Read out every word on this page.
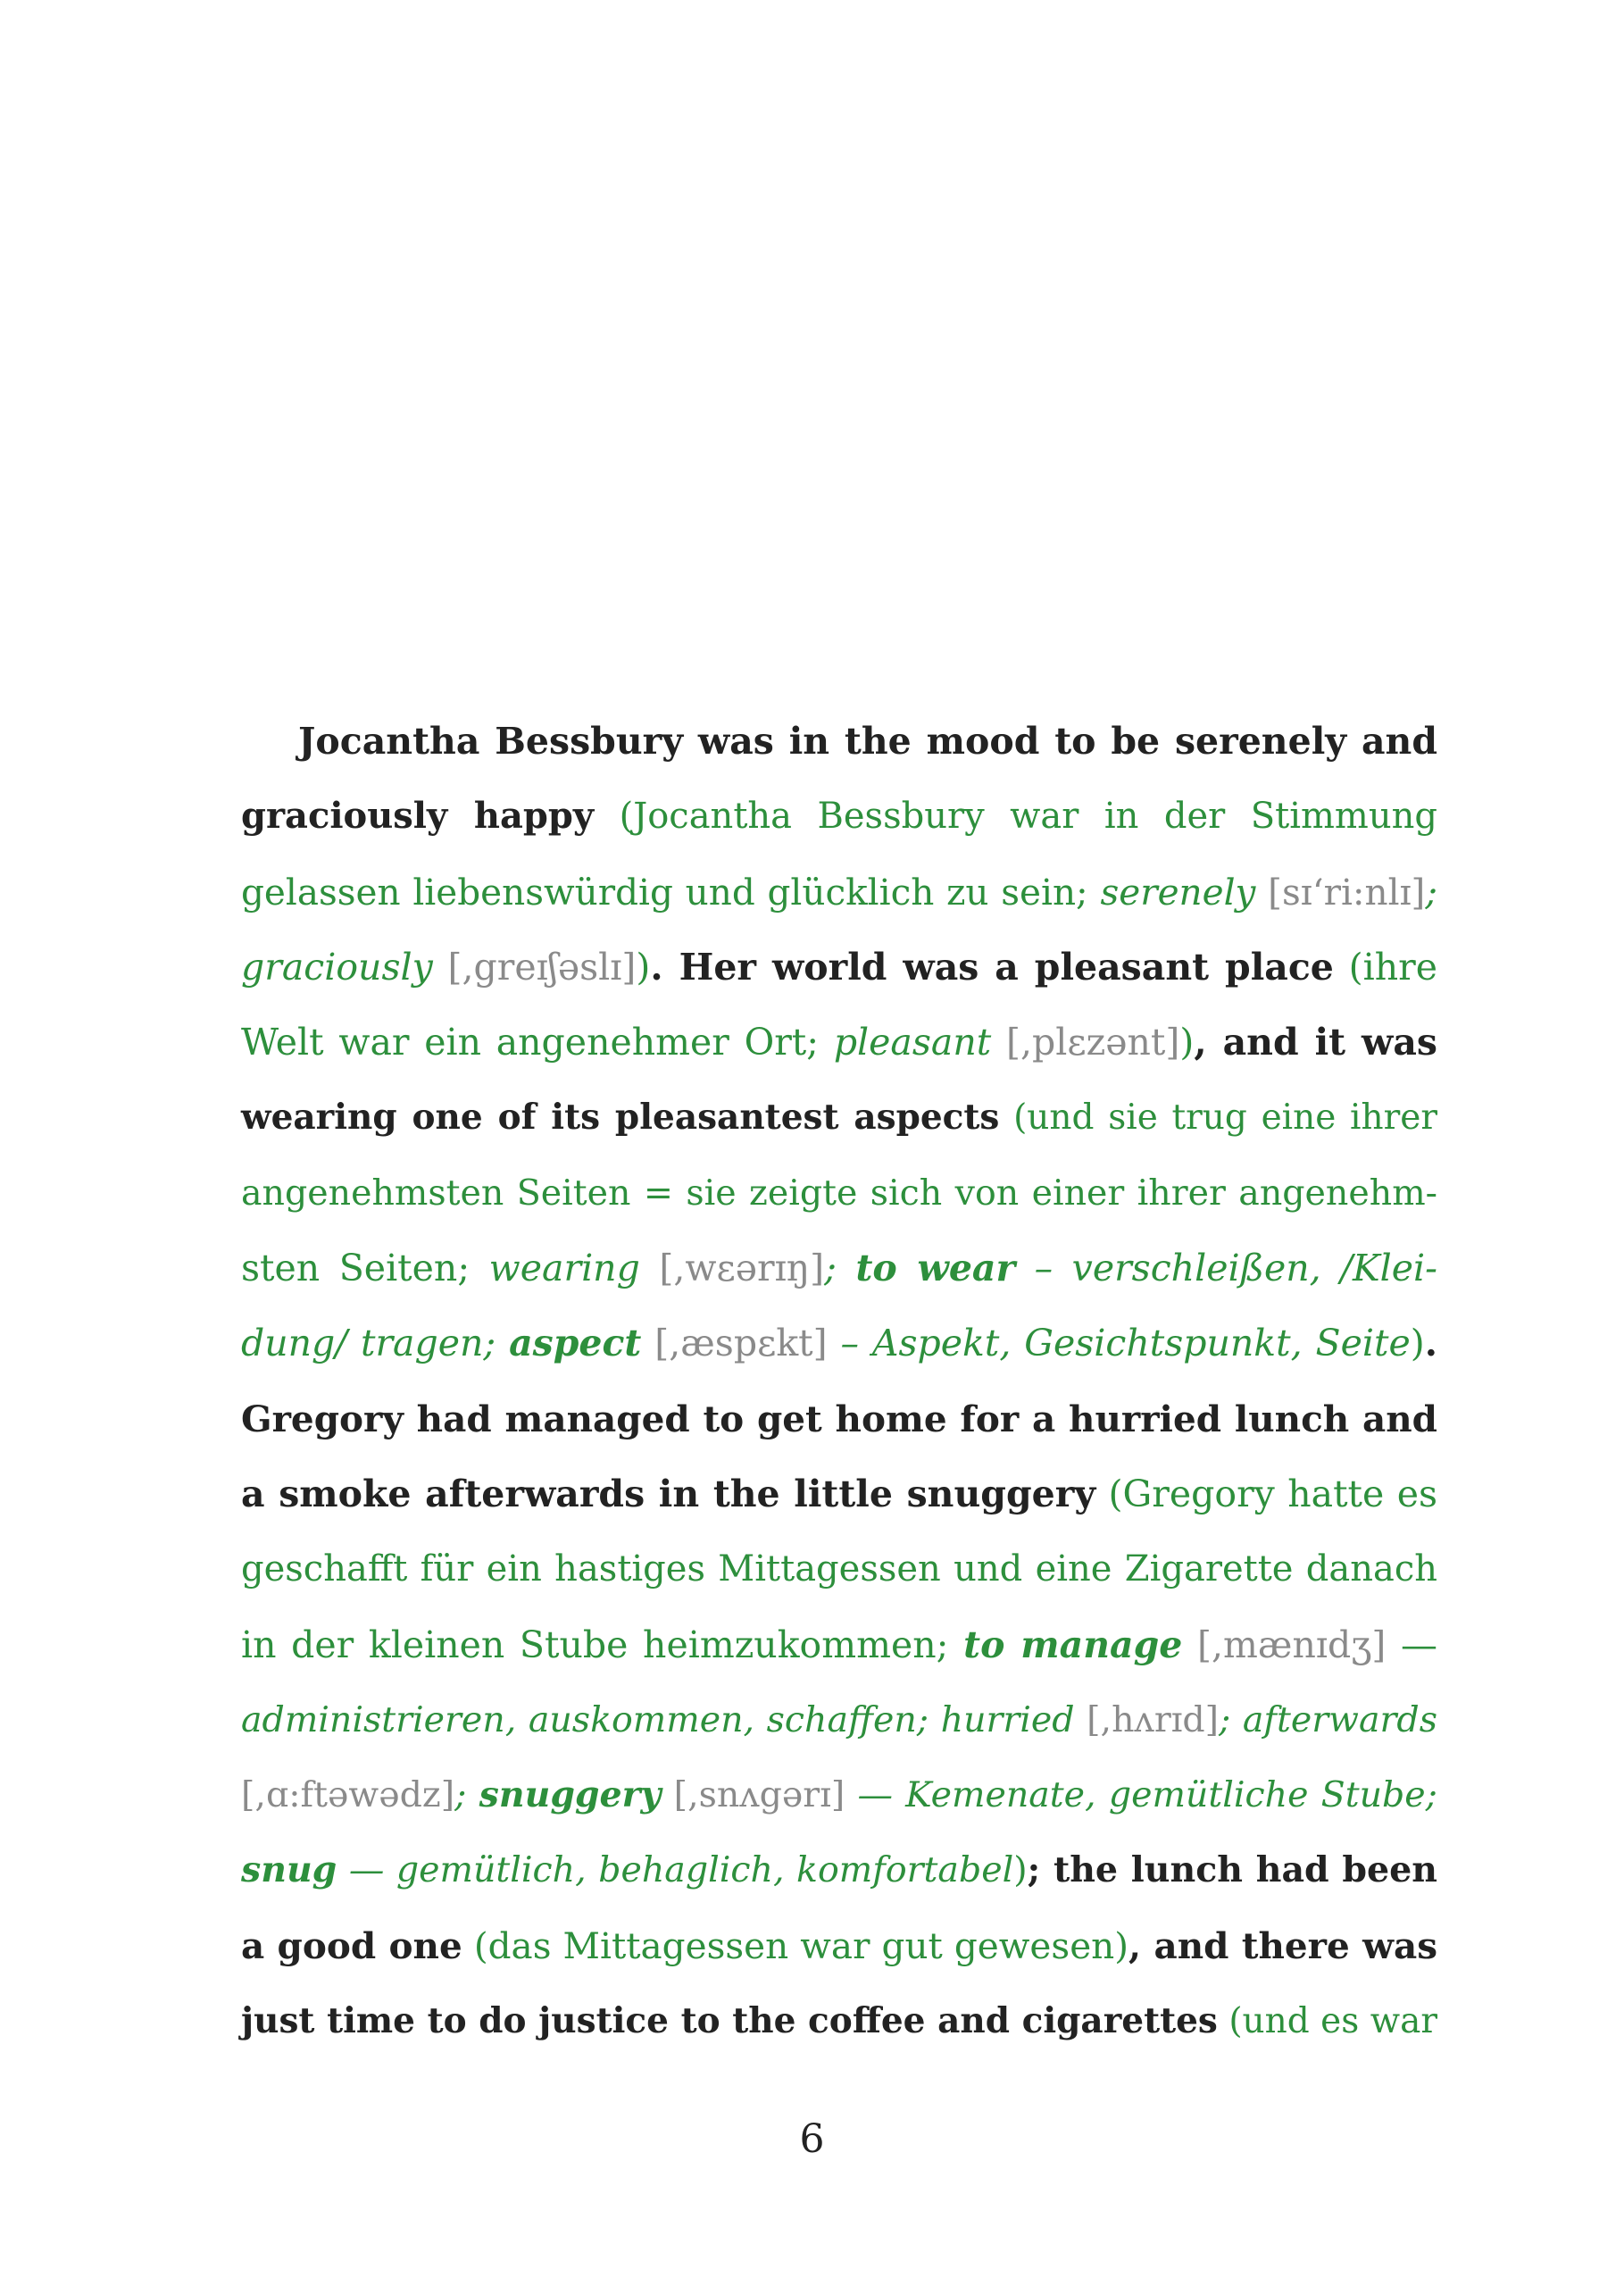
Jocantha Bessbury was in the mood to be serenely and
graciously happy (Jocantha Bessbury war in der Stimmung
gelassen liebenswürdig und glücklich zu sein; serenely [sɪ‘ri:nlɪ];
graciously [,greɪʃəslɪ]). Her world was a pleasant place (ihre
Welt war ein angenehmer Ort; pleasant [,plɛzənt]), and it was
wearing one of its pleasantest aspects (und sie trug eine ihrer
angenehmsten Seiten = sie zeigte sich von einer ihrer angenehm-
sten Seiten; wearing [,wɛərɪŋ]; to wear – verschleißen, /Klei-
dung/ tragen; aspect [,æspɛkt] – Aspekt, Gesichtspunkt, Seite).
Gregory had managed to get home for a hurried lunch and
a smoke afterwards in the little snuggery (Gregory hatte es
geschafft für ein hastiges Mittagessen und eine Zigarette danach
in der kleinen Stube heimzukommen; to manage [,mænɪdʒ] —
administrieren, auskommen, schaffen; hurried [,hʌrɪd]; afterwards
[,ɑ:ftəwədz]; snuggery [,snʌgərɪ] — Kemenate, gemütliche Stube;
snug — gemütlich, behaglich, komfortabel); the lunch had been
a good one (das Mittagessen war gut gewesen), and there was
just time to do justice to the coffee and cigarettes (und es war
6
